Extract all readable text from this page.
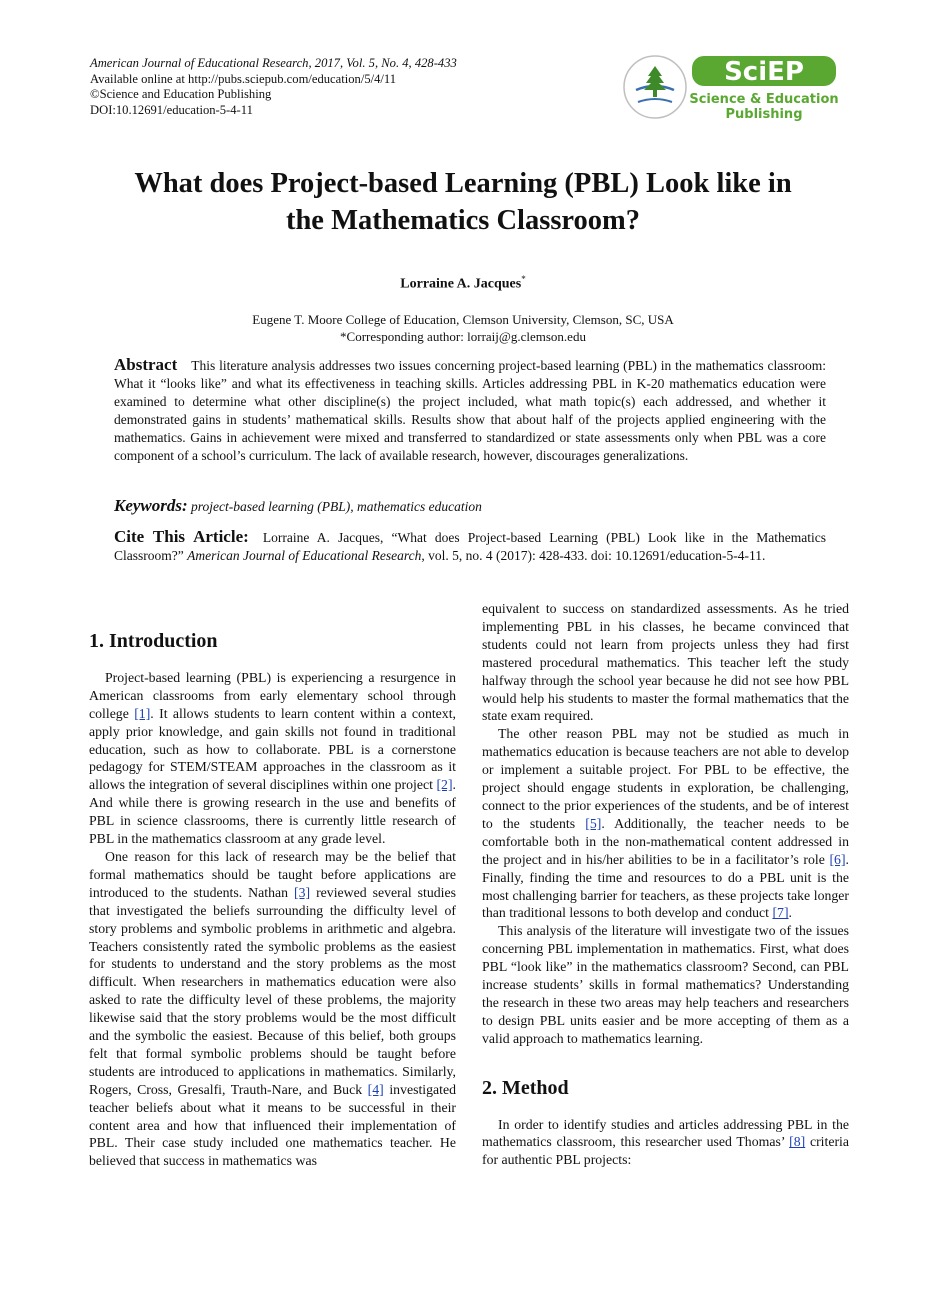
American Journal of Educational Research, 2017, Vol. 5, No. 4, 428-433
Available online at http://pubs.sciepub.com/education/5/4/11
©Science and Education Publishing
DOI:10.12691/education-5-4-11
SciEP
Science & Education
Publishing
What does Project-based Learning (PBL) Look like in
the Mathematics Classroom?
Lorraine A. Jacques*
Eugene T. Moore College of Education, Clemson University, Clemson, SC, USA
*Corresponding author: lorraij@g.clemson.edu
Abstract This literature analysis addresses two issues concerning project-based learning (PBL) in the mathematics classroom: What it “looks like” and what its effectiveness in teaching skills. Articles addressing PBL in K-20 mathematics education were examined to determine what other discipline(s) the project included, what math topic(s) each addressed, and whether it demonstrated gains in students’ mathematical skills. Results show that about half of the projects applied engineering with the mathematics. Gains in achievement were mixed and transferred to standardized or state assessments only when PBL was a core component of a school’s curriculum. The lack of available research, however, discourages generalizations.
Keywords: project-based learning (PBL), mathematics education
Cite This Article: Lorraine A. Jacques, “What does Project-based Learning (PBL) Look like in the Mathematics Classroom?” American Journal of Educational Research, vol. 5, no. 4 (2017): 428-433. doi: 10.12691/education-5-4-11.
1. Introduction

Project-based learning (PBL) is experiencing a resurgence in American classrooms from early elementary school through college [1]. It allows students to learn content within a context, apply prior knowledge, and gain skills not found in traditional education, such as how to collaborate. PBL is a cornerstone pedagogy for STEM/STEAM approaches in the classroom as it allows the integration of several disciplines within one project [2]. And while there is growing research in the use and benefits of PBL in science classrooms, there is currently little research of PBL in the mathematics classroom at any grade level.

One reason for this lack of research may be the belief that formal mathematics should be taught before applications are introduced to the students. Nathan [3] reviewed several studies that investigated the beliefs surrounding the difficulty level of story problems and symbolic problems in arithmetic and algebra. Teachers consistently rated the symbolic problems as the easiest for students to understand and the story problems as the most difficult. When researchers in mathematics education were also asked to rate the difficulty level of these problems, the majority likewise said that the story problems would be the most difficult and the symbolic the easiest. Because of this belief, both groups felt that formal symbolic problems should be taught before students are introduced to applications in mathematics. Similarly, Rogers, Cross, Gresalfi, Trauth-Nare, and Buck [4] investigated teacher beliefs about what it means to be successful in their content area and how that influenced their implementation of PBL. Their case study included one mathematics teacher. He believed that success in mathematics was

equivalent to success on standardized assessments. As he tried implementing PBL in his classes, he became convinced that students could not learn from projects unless they had first mastered procedural mathematics. This teacher left the study halfway through the school year because he did not see how PBL would help his students to master the formal mathematics that the state exam required.

The other reason PBL may not be studied as much in mathematics education is because teachers are not able to develop or implement a suitable project. For PBL to be effective, the project should engage students in exploration, be challenging, connect to the prior experiences of the students, and be of interest to the students [5]. Additionally, the teacher needs to be comfortable both in the non-mathematical content addressed in the project and in his/her abilities to be in a facilitator’s role [6]. Finally, finding the time and resources to do a PBL unit is the most challenging barrier for teachers, as these projects take longer than traditional lessons to both develop and conduct [7].

This analysis of the literature will investigate two of the issues concerning PBL implementation in mathematics. First, what does PBL “look like” in the mathematics classroom? Second, can PBL increase students’ skills in formal mathematics? Understanding the research in these two areas may help teachers and researchers to design PBL units easier and be more accepting of them as a valid approach to mathematics learning.

2. Method

In order to identify studies and articles addressing PBL in the mathematics classroom, this researcher used Thomas’ [8] criteria for authentic PBL projects:
